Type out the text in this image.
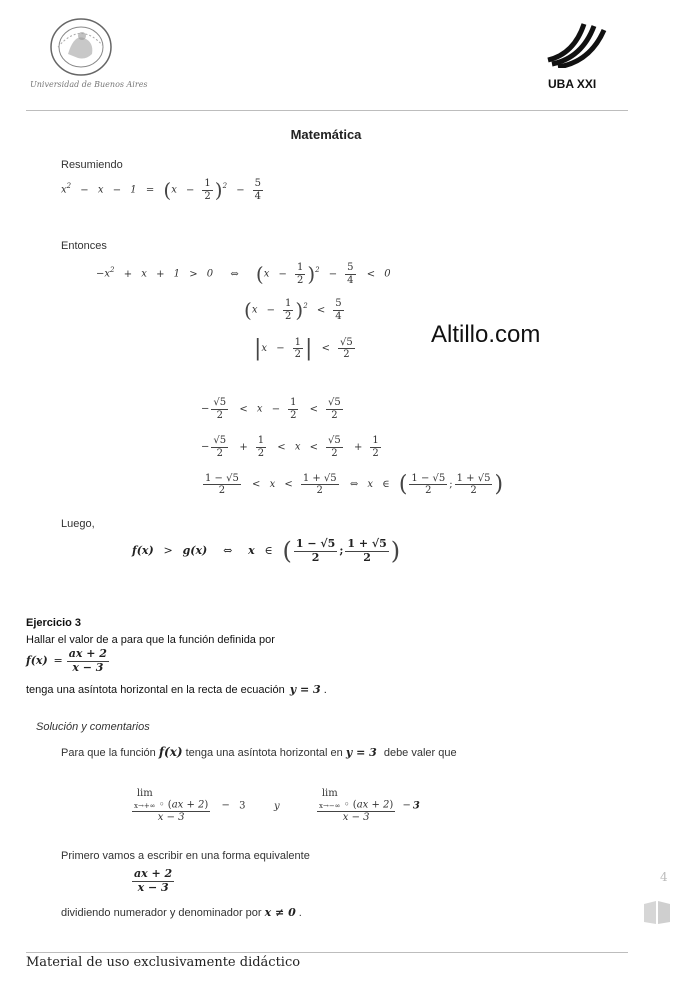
Universidad de Buenos Aires	UBA XXI
Matemática
Resumiendo
$x^2 - x - 1 = (x - \frac{1}{2} )^2 - \frac{5}{4}$
Entonces
$-x^2 + x + 1 > 0$ ⇔ $(x - \frac{1}{2} )^2 - \frac{5}{4} < 0$
$(x - \frac{1}{2} )^2 < \frac{5}{4}$
$|x - \frac{1}{2}$ | < $\frac{√5}{2}$
Altillo.com
− $\frac{√5}{2} < x - \frac{1}{2} < \frac{√5}{2}$
− $\frac{√5}{2} + \frac{1}{2} < x < \frac{√5}{2} + \frac{1}{2}$
$\frac{1 - √5}{2} < x < \frac{1 + √5}{2}$ ⇔ x ∈ ( $\frac{1 - √5}{2}$ ; $\frac{1 + √5}{2}$ )
Luego,
f(x) > g(x) ⇔ x ∈ ( $\frac{1 - √5}{2}$ ; $\frac{1 + √5}{2}$ )
Ejercicio 3
Hallar el valor de a para que la función definida por
$f(x) = \frac{ax + 2}{x - 3}$
tenga una asíntota horizontal en la recta de ecuación y = 3 .
Solución y comentarios
Para que la función f(x) tenga una asíntota horizontal en y = 3 debe valer que
lim
x→+∞ ◦ (ax + 2)
x − 3
− 3	y
lim
x→−∞ ◦ (ax + 2)
x − 3
− 3
Primero vamos a escribir en una forma equivalente
$\frac{ax + 2}{x - 3}$
dividiendo numerador y denominador por x ≠ 0 .
4
Material de uso exclusivamente didáctico
